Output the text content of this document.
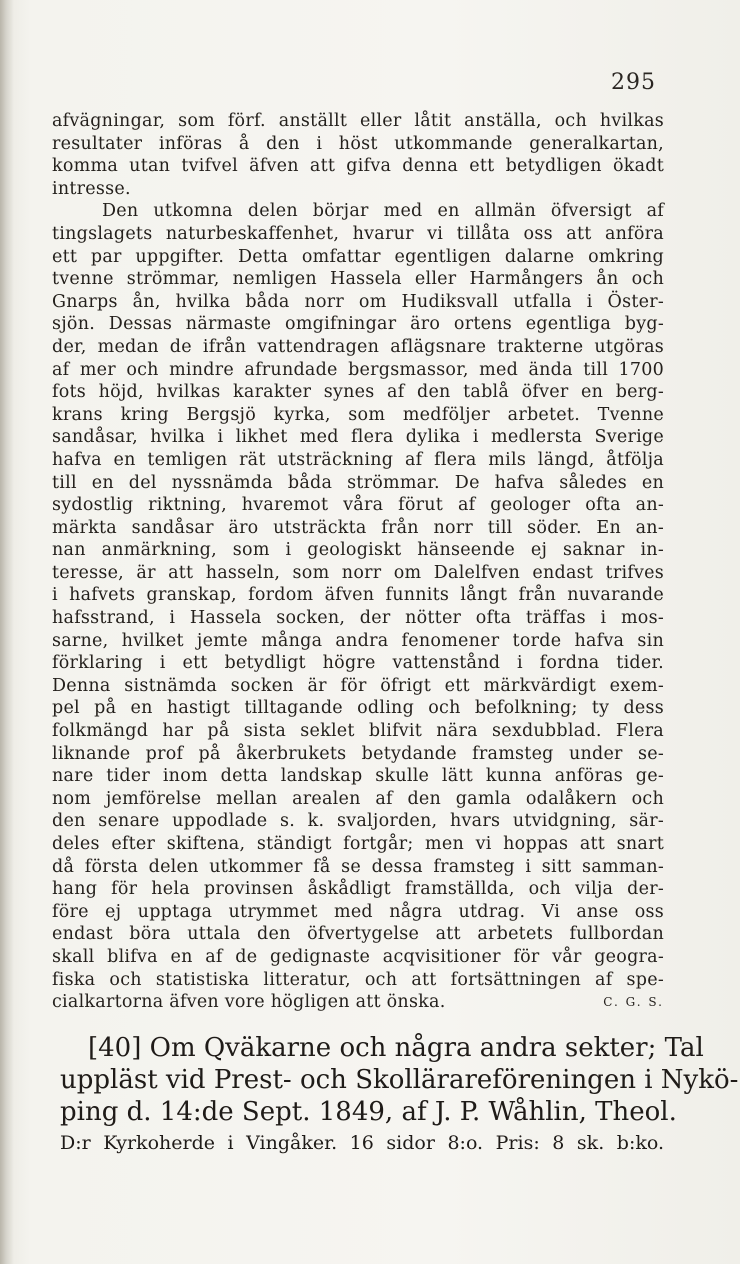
295
afvägningar, som förf. anställt eller låtit anställa, och hvilkas
resultater införas å den i höst utkommande generalkartan,
komma utan tvifvel äfven att gifva denna ett betydligen ökadt
intresse.
Den utkomna delen börjar med en allmän öfversigt af
tingslagets naturbeskaffenhet, hvarur vi tillåta oss att anföra
ett par uppgifter. Detta omfattar egentligen dalarne omkring
tvenne strömmar, nemligen Hassela eller Harmångers ån och
Gnarps ån, hvilka båda norr om Hudiksvall utfalla i Öster-
sjön. Dessas närmaste omgifningar äro ortens egentliga byg-
der, medan de ifrån vattendragen aflägsnare trakterne utgöras
af mer och mindre afrundade bergsmassor, med ända till 1700
fots höjd, hvilkas karakter synes af den tablå öfver en berg-
krans kring Bergsjö kyrka, som medföljer arbetet. Tvenne
sandåsar, hvilka i likhet med flera dylika i medlersta Sverige
hafva en temligen rät utsträckning af flera mils längd, åtfölja
till en del nyssnämda båda strömmar. De hafva således en
sydostlig riktning, hvaremot våra förut af geologer ofta an-
märkta sandåsar äro utsträckta från norr till söder. En an-
nan anmärkning, som i geologiskt hänseende ej saknar in-
teresse, är att hasseln, som norr om Dalelfven endast trifves
i hafvets granskap, fordom äfven funnits långt från nuvarande
hafsstrand, i Hassela socken, der nötter ofta träffas i mos-
sarne, hvilket jemte många andra fenomener torde hafva sin
förklaring i ett betydligt högre vattenstånd i fordna tider.
Denna sistnämda socken är för öfrigt ett märkvärdigt exem-
pel på en hastigt tilltagande odling och befolkning; ty dess
folkmängd har på sista seklet blifvit nära sexdubblad. Flera
liknande prof på åkerbrukets betydande framsteg under se-
nare tider inom detta landskap skulle lätt kunna anföras ge-
nom jemförelse mellan arealen af den gamla odalåkern och
den senare uppodlade s. k. svaljorden, hvars utvidgning, sär-
deles efter skiftena, ständigt fortgår; men vi hoppas att snart
då första delen utkommer få se dessa framsteg i sitt samman-
hang för hela provinsen åskådligt framställda, och vilja der-
före ej upptaga utrymmet med några utdrag. Vi anse oss
endast böra uttala den öfvertygelse att arbetets fullbordan
skall blifva en af de gedignaste acqvisitioner för vår geogra-
fiska och statistiska litteratur, och att fortsättningen af spe-
cialkartorna äfven vore högligen att önska.	C. G. S.
[40] Om Qväkarne och några andra sekter; Tal
uppläst vid Prest- och Skollärareföreningen i Nykö-
ping d. 14:de Sept. 1849, af J. P. Wåhlin, Theol.
D:r Kyrkoherde i Vingåker. 16 sidor 8:o. Pris: 8 sk. b:ko.
